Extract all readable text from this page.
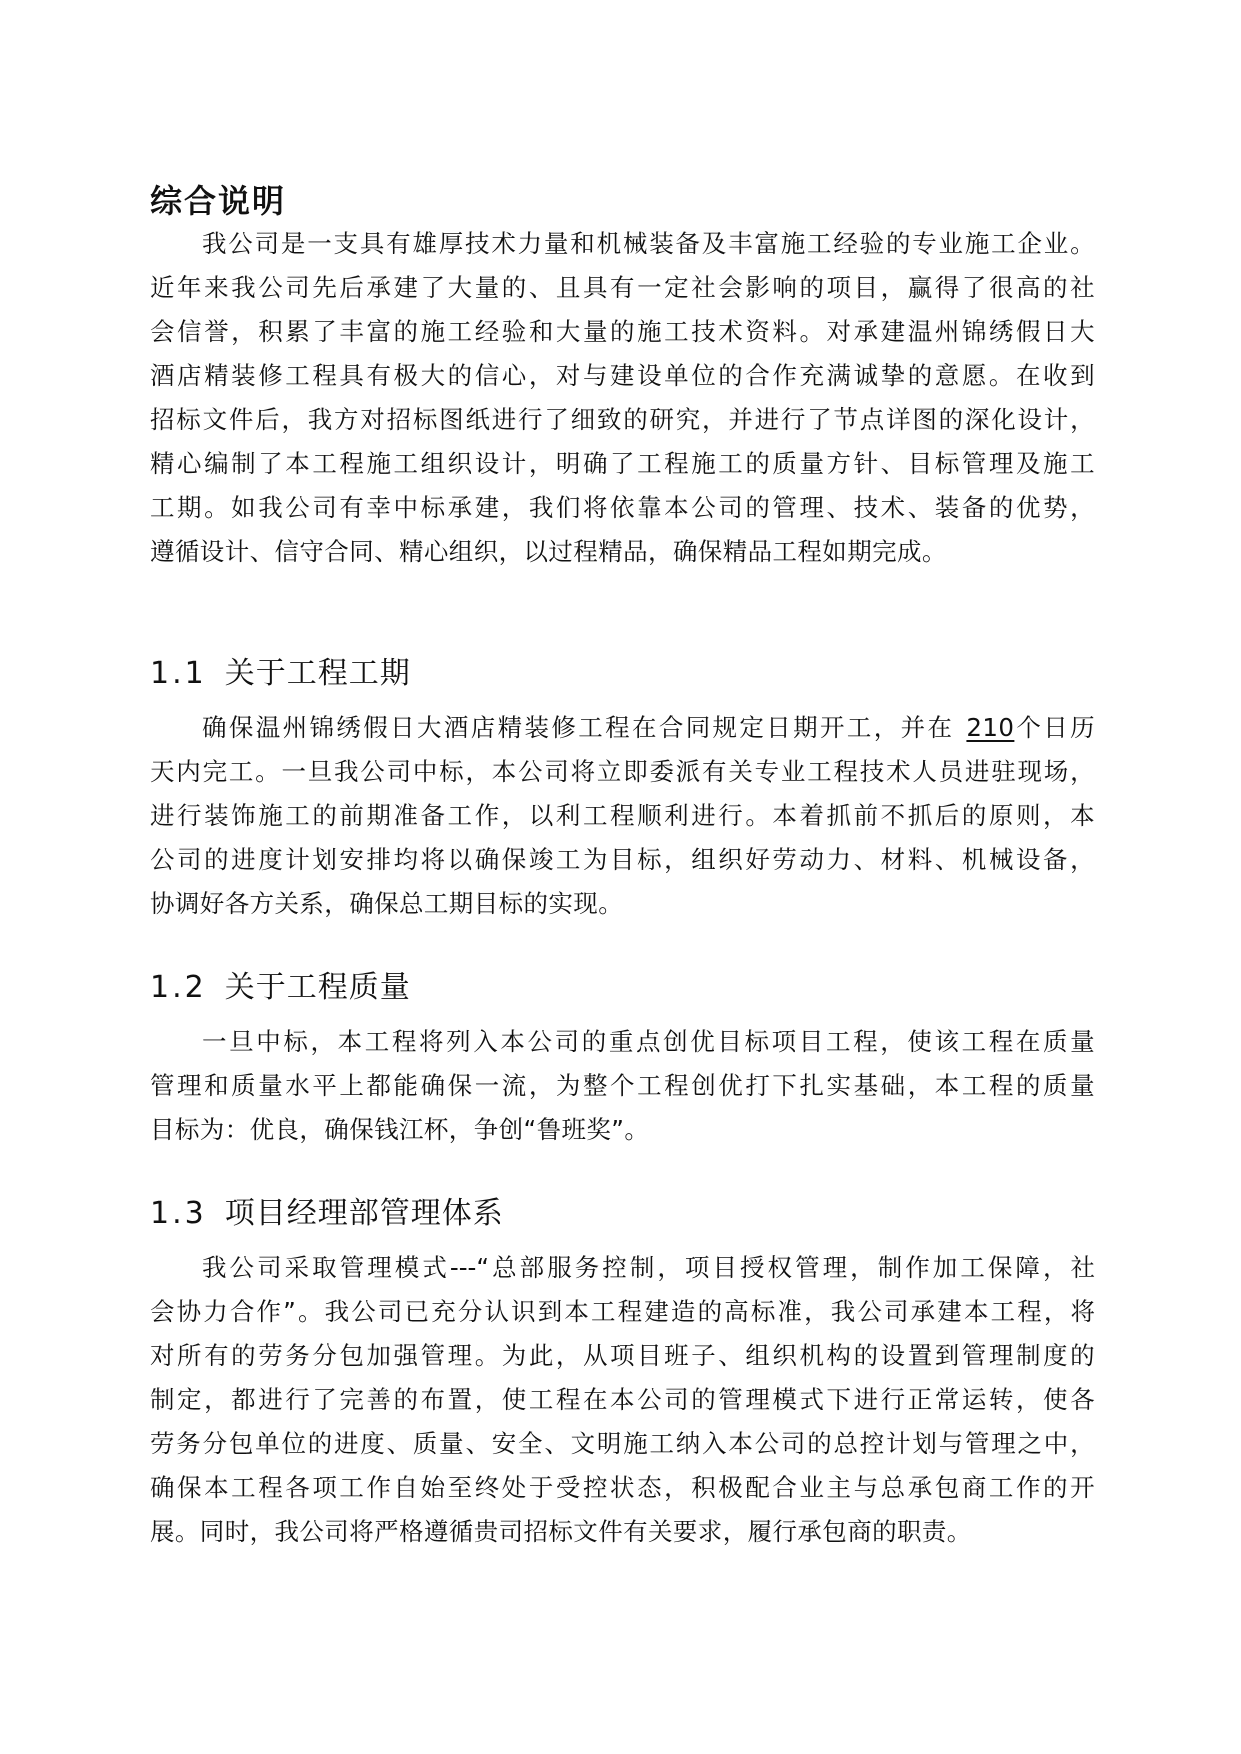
综合说明
我公司是一支具有雄厚技术力量和机械装备及丰富施工经验的专业施工企业。
近年来我公司先后承建了大量的、且具有一定社会影响的项目，赢得了很高的社
会信誉，积累了丰富的施工经验和大量的施工技术资料。对承建温州锦绣假日大
酒店精装修工程具有极大的信心，对与建设单位的合作充满诚挚的意愿。在收到
招标文件后，我方对招标图纸进行了细致的研究，并进行了节点详图的深化设计，
精心编制了本工程施工组织设计，明确了工程施工的质量方针、目标管理及施工
工期。如我公司有幸中标承建，我们将依靠本公司的管理、技术、装备的优势，
遵循设计、信守合同、精心组织，以过程精品，确保精品工程如期完成。
1.1 关于工程工期
确保温州锦绣假日大酒店精装修工程在合同规定日期开工，并在 210个日历
天内完工。一旦我公司中标，本公司将立即委派有关专业工程技术人员进驻现场，
进行装饰施工的前期准备工作，以利工程顺利进行。本着抓前不抓后的原则，本
公司的进度计划安排均将以确保竣工为目标，组织好劳动力、材料、机械设备，
协调好各方关系，确保总工期目标的实现。
1.2 关于工程质量
一旦中标，本工程将列入本公司的重点创优目标项目工程，使该工程在质量
管理和质量水平上都能确保一流，为整个工程创优打下扎实基础，本工程的质量
目标为：优良，确保钱江杯，争创“鲁班奖”。
1.3 项目经理部管理体系
我公司采取管理模式---“总部服务控制，项目授权管理，制作加工保障，社
会协力合作”。我公司已充分认识到本工程建造的高标准，我公司承建本工程，将
对所有的劳务分包加强管理。为此，从项目班子、组织机构的设置到管理制度的
制定，都进行了完善的布置，使工程在本公司的管理模式下进行正常运转，使各
劳务分包单位的进度、质量、安全、文明施工纳入本公司的总控计划与管理之中，
确保本工程各项工作自始至终处于受控状态，积极配合业主与总承包商工作的开
展。同时，我公司将严格遵循贵司招标文件有关要求，履行承包商的职责。
